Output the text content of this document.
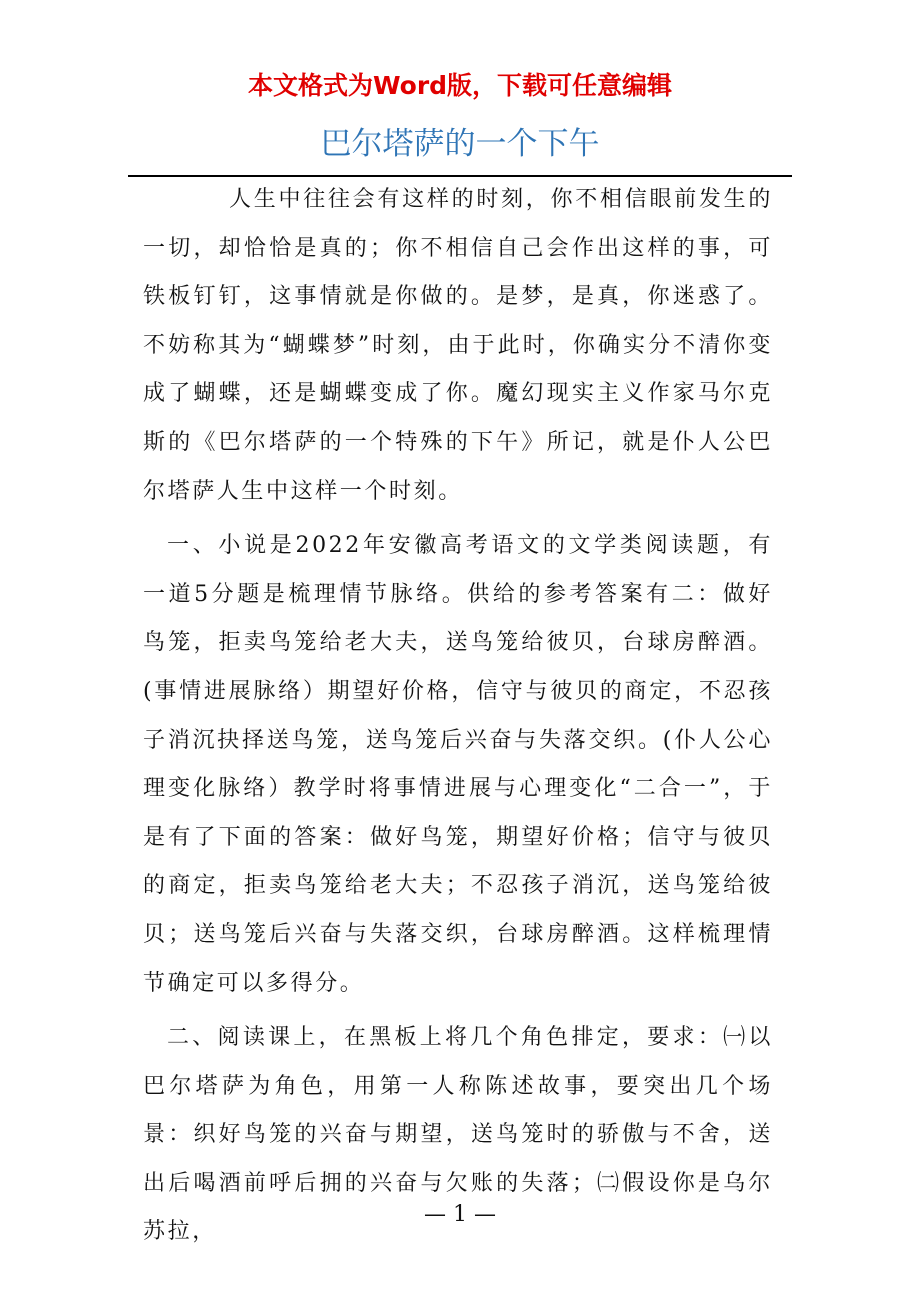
本文格式为Word版，下载可任意编辑
巴尔塔萨的一个下午

人生中往往会有这样的时刻，你不相信眼前发生的一切，却恰恰是真的；你不相信自己会作出这样的事，可铁板钉钉，这事情就是你做的。是梦，是真，你迷惑了。不妨称其为“蝴蝶梦”时刻，由于此时，你确实分不清你变成了蝴蝶，还是蝴蝶变成了你。魔幻现实主义作家马尔克斯的《巴尔塔萨的一个特殊的下午》所记，就是仆人公巴尔塔萨人生中这样一个时刻。

一、小说是2022年安徽高考语文的文学类阅读题，有一道5分题是梳理情节脉络。供给的参考答案有二：做好鸟笼，拒卖鸟笼给老大夫，送鸟笼给彼贝，台球房醉酒。(事情进展脉络）期望好价格，信守与彼贝的商定，不忍孩子消沉抉择送鸟笼，送鸟笼后兴奋与失落交织。(仆人公心理变化脉络）教学时将事情进展与心理变化“二合一”，于是有了下面的答案：做好鸟笼，期望好价格；信守与彼贝的商定，拒卖鸟笼给老大夫；不忍孩子消沉，送鸟笼给彼贝；送鸟笼后兴奋与失落交织，台球房醉酒。这样梳理情节确定可以多得分。

二、阅读课上，在黑板上将几个角色排定，要求：㈠以巴尔塔萨为角色，用第一人称陈述故事，要突出几个场景：织好鸟笼的兴奋与期望，送鸟笼时的骄傲与不舍，送出后喝酒前呼后拥的兴奋与欠账的失落；㈡假设你是乌尔苏拉，

— 1 —
